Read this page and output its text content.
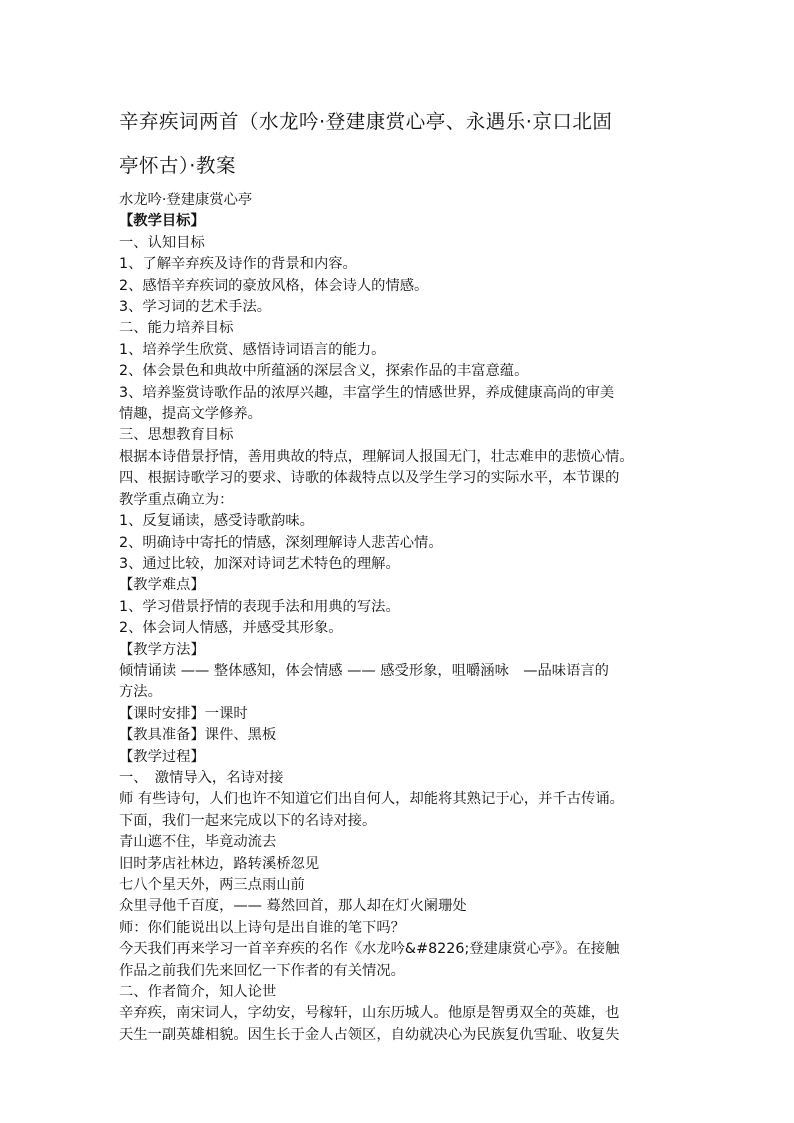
辛弃疾词两首（水龙吟·登建康赏心亭、永遇乐·京口北固
亭怀古）·教案

水龙吟·登建康赏心亭

【教学目标】

一、认知目标

1、了解辛弃疾及诗作的背景和内容。

2、感悟辛弃疾词的豪放风格，体会诗人的情感。

3、学习词的艺术手法。

二、能力培养目标

1、培养学生欣赏、感悟诗词语言的能力。

2、体会景色和典故中所蕴涵的深层含义，探索作品的丰富意蕴。

3、培养鉴赏诗歌作品的浓厚兴趣，丰富学生的情感世界，养成健康高尚的审美

情趣，提高文学修养。

三、思想教育目标

根据本诗借景抒情，善用典故的特点，理解词人报国无门，壮志难申的悲愤心情。

四、根据诗歌学习的要求、诗歌的体裁特点以及学生学习的实际水平，本节课的

教学重点确立为：

1、反复诵读，感受诗歌韵味。

2、明确诗中寄托的情感，深刻理解诗人悲苦心情。

3、通过比较，加深对诗词艺术特色的理解。

【教学难点】

1、学习借景抒情的表现手法和用典的写法。

2、体会词人情感，并感受其形象。

【教学方法】

倾情诵读 —— 整体感知，体会情感 —— 感受形象，咀嚼涵咏　—品味语言的

方法。

【课时安排】一课时

【教具准备】课件、黑板

【教学过程】

一、　激情导入，名诗对接

师 有些诗句，人们也许不知道它们出自何人，却能将其熟记于心，并千古传诵。

下面，我们一起来完成以下的名诗对接。

青山遮不住，毕竟动流去

旧时茅店社林边，路转溪桥忽见

七八个星天外，两三点雨山前

众里寻他千百度，—— 蓦然回首，那人却在灯火阑珊处

师：你们能说出以上诗句是出自谁的笔下吗？

今天我们再来学习一首辛弃疾的名作《水龙吟&#8226;登建康赏心亭》。在接触

作品之前我们先来回忆一下作者的有关情况。

二、作者简介，知人论世

辛弃疾，南宋词人，字幼安，号稼轩，山东历城人。他原是智勇双全的英雄，也

天生一副英雄相貌。因生长于金人占领区，自幼就决心为民族复仇雪耻、收复失
